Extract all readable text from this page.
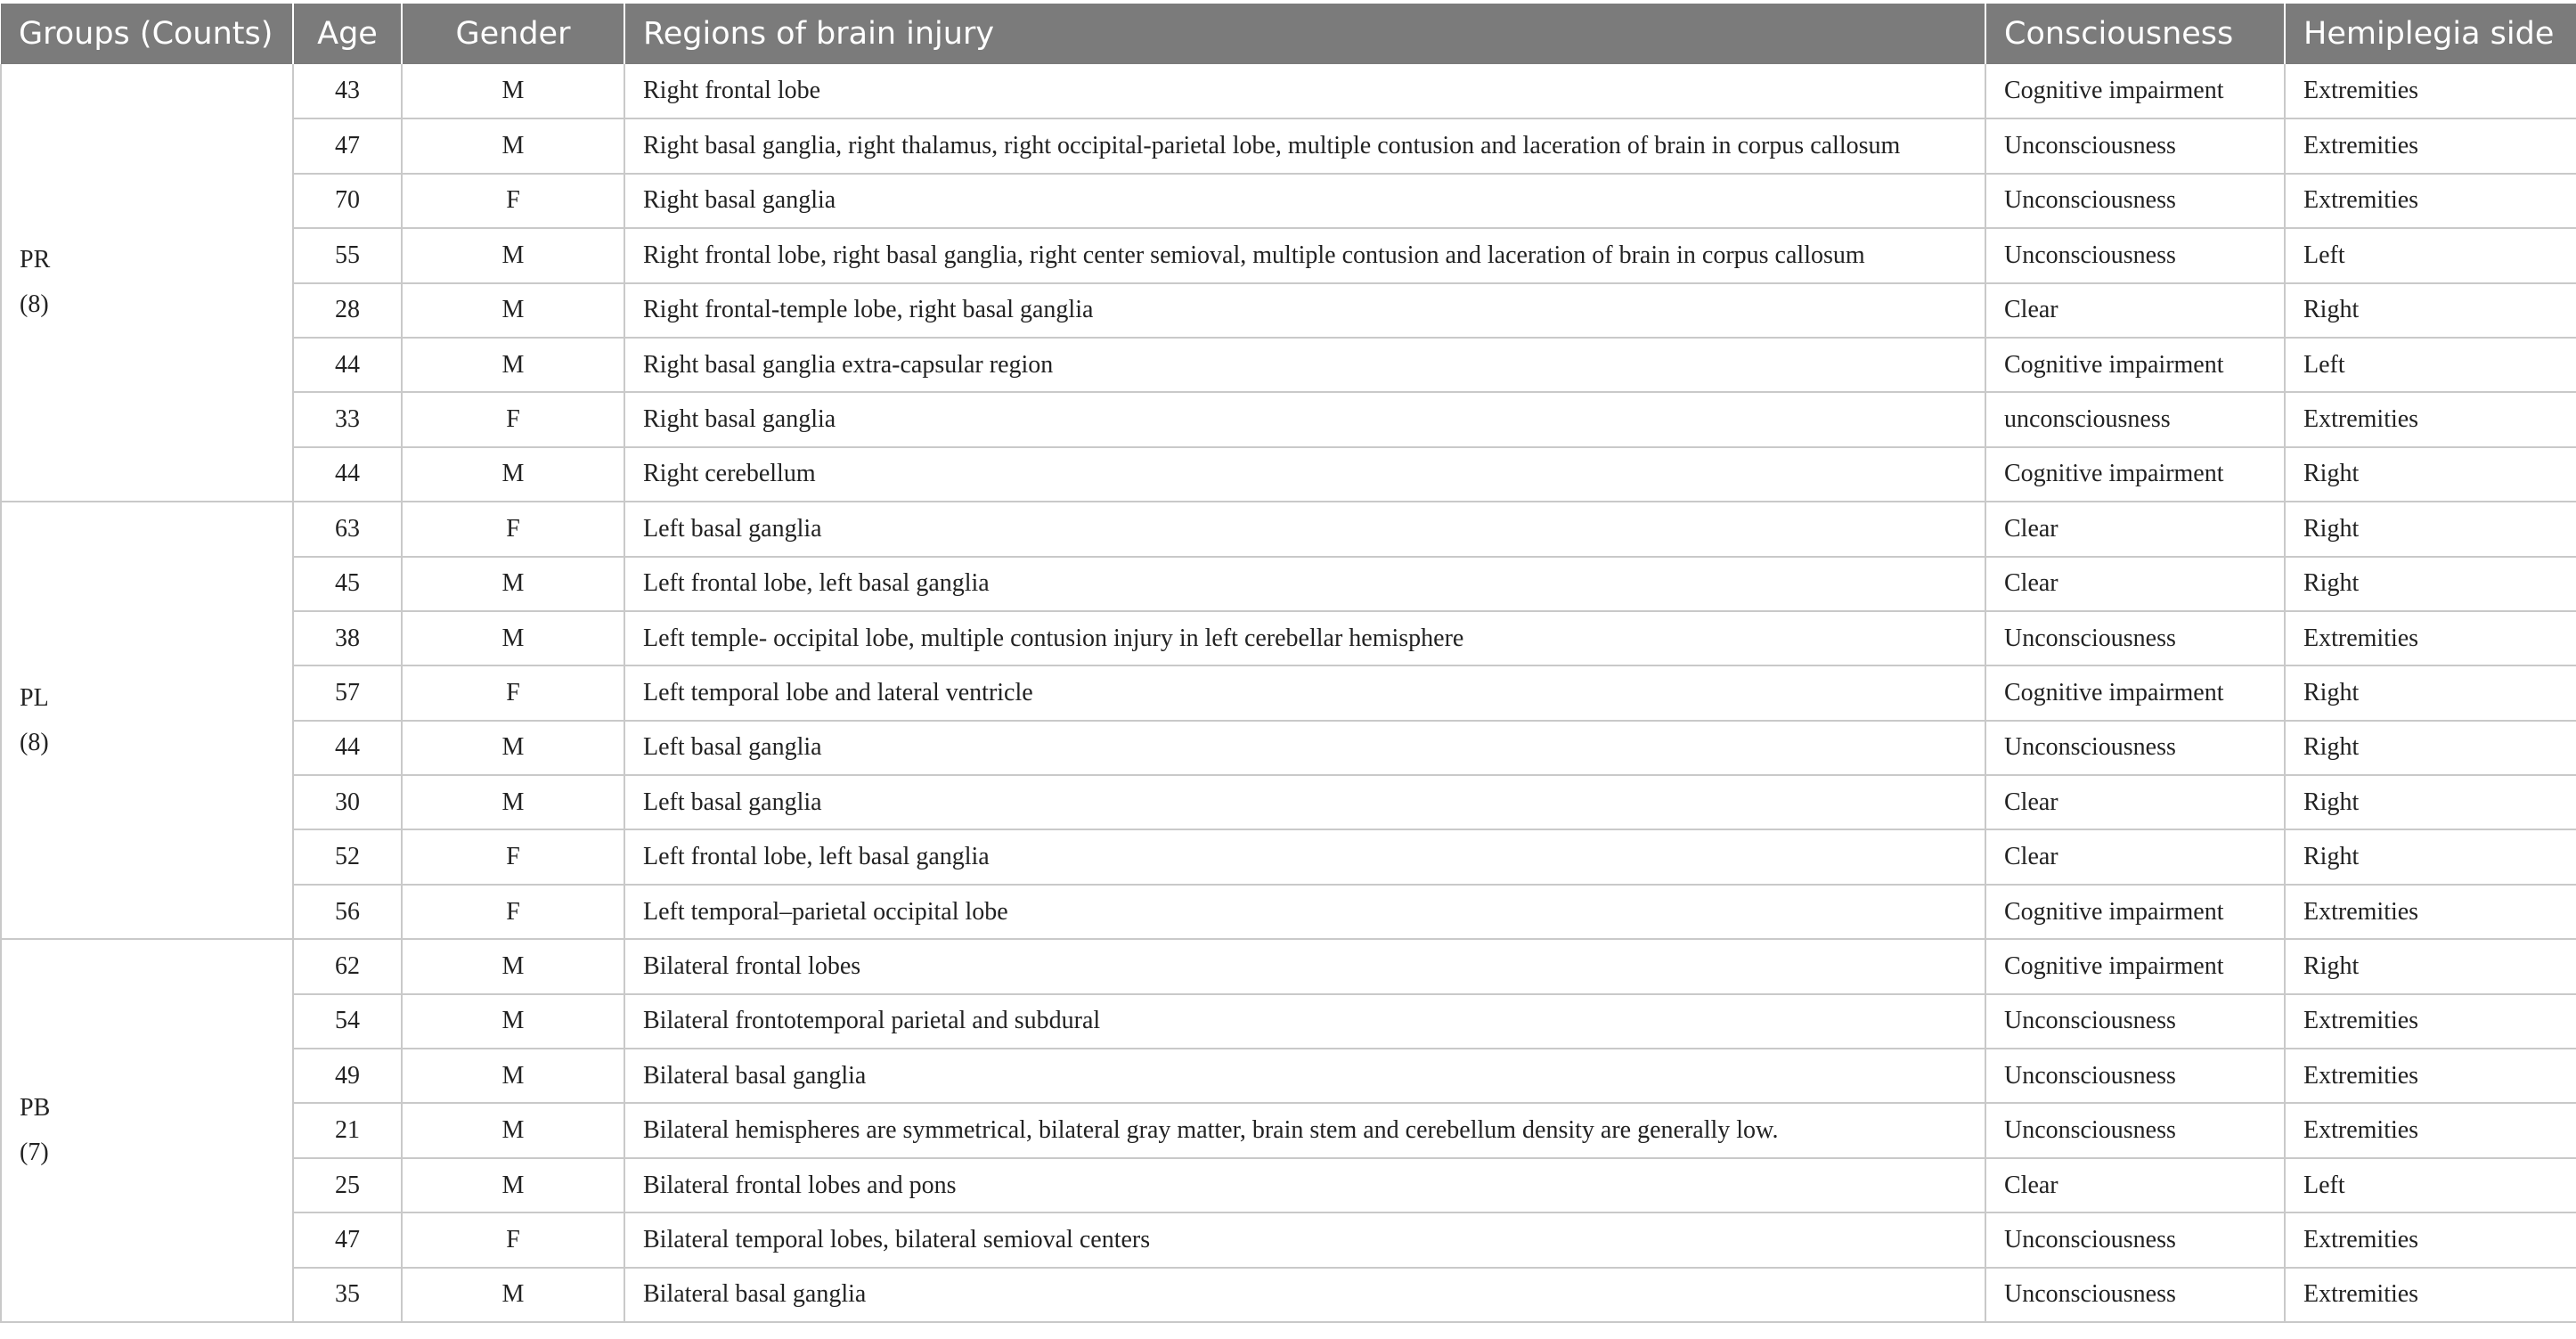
Groups (Counts)	Age	Gender	Regions of brain injury	Consciousness	Hemiplegia side

PR
(8)	43	M	Right frontal lobe	Cognitive impairment	Extremities
	47	M	Right basal ganglia, right thalamus, right occipital-parietal lobe, multiple contusion and laceration of brain in corpus callosum	Unconsciousness	Extremities
	70	F	Right basal ganglia	Unconsciousness	Extremities
	55	M	Right frontal lobe, right basal ganglia, right center semioval, multiple contusion and laceration of brain in corpus callosum	Unconsciousness	Left
	28	M	Right frontal-temple lobe, right basal ganglia	Clear	Right
	44	M	Right basal ganglia extra-capsular region	Cognitive impairment	Left
	33	F	Right basal ganglia	unconsciousness	Extremities
	44	M	Right cerebellum	Cognitive impairment	Right

PL
(8)	63	F	Left basal ganglia	Clear	Right
	45	M	Left frontal lobe, left basal ganglia	Clear	Right
	38	M	Left temple- occipital lobe, multiple contusion injury in left cerebellar hemisphere	Unconsciousness	Extremities
	57	F	Left temporal lobe and lateral ventricle	Cognitive impairment	Right
	44	M	Left basal ganglia	Unconsciousness	Right
	30	M	Left basal ganglia	Clear	Right
	52	F	Left frontal lobe, left basal ganglia	Clear	Right
	56	F	Left temporal–parietal occipital lobe	Cognitive impairment	Extremities

PB
(7)	62	M	Bilateral frontal lobes	Cognitive impairment	Right
	54	M	Bilateral frontotemporal parietal and subdural	Unconsciousness	Extremities
	49	M	Bilateral basal ganglia	Unconsciousness	Extremities
	21	M	Bilateral hemispheres are symmetrical, bilateral gray matter, brain stem and cerebellum density are generally low.	Unconsciousness	Extremities
	25	M	Bilateral frontal lobes and pons	Clear	Left
	47	F	Bilateral temporal lobes, bilateral semioval centers	Unconsciousness	Extremities
	35	M	Bilateral basal ganglia	Unconsciousness	Extremities
